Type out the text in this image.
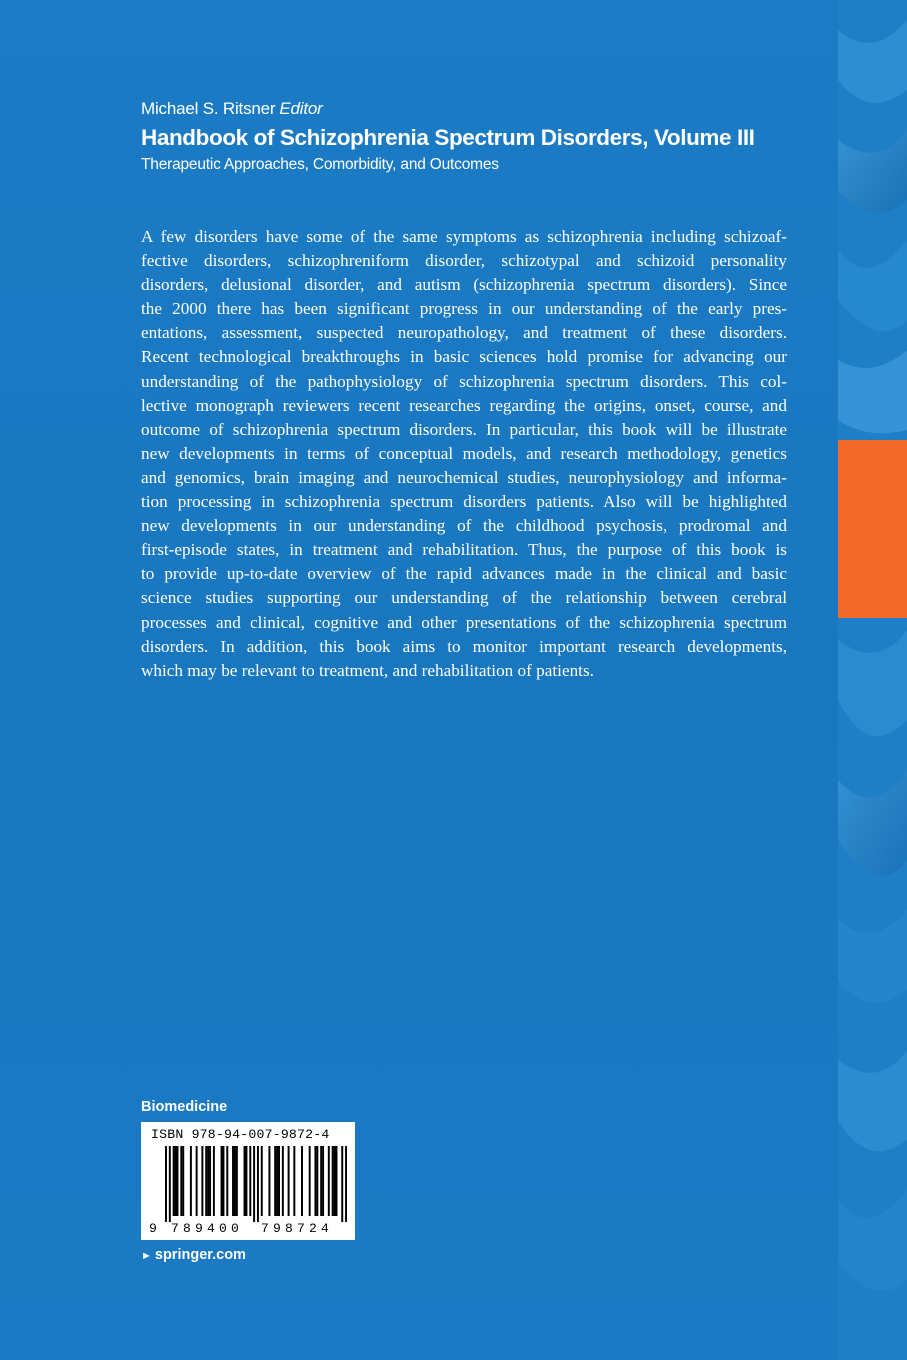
Michael S. Ritsner Editor
Handbook of Schizophrenia Spectrum Disorders, Volume III
Therapeutic Approaches, Comorbidity, and Outcomes
A few disorders have some of the same symptoms as schizophrenia including schizoaf-
fective disorders, schizophreniform disorder, schizotypal and schizoid personality
disorders, delusional disorder, and autism (schizophrenia spectrum disorders). Since
the 2000 there has been significant progress in our understanding of the early pres-
entations, assessment, suspected neuropathology, and treatment of these disorders.
Recent technological breakthroughs in basic sciences hold promise for advancing our
understanding of the pathophysiology of schizophrenia spectrum disorders. This col-
lective monograph reviewers recent researches regarding the origins, onset, course, and
outcome of schizophrenia spectrum disorders. In particular, this book will be illustrate
new developments in terms of conceptual models, and research methodology, genetics
and genomics, brain imaging and neurochemical studies, neurophysiology and informa-
tion processing in schizophrenia spectrum disorders patients. Also will be highlighted
new developments in our understanding of the childhood psychosis, prodromal and
first-episode states, in treatment and rehabilitation. Thus, the purpose of this book is
to provide up-to-date overview of the rapid advances made in the clinical and basic
science studies supporting our understanding of the relationship between cerebral
processes and clinical, cognitive and other presentations of the schizophrenia spectrum
disorders. In addition, this book aims to monitor important research developments,
which may be relevant to treatment, and rehabilitation of patients.
Biomedicine
ISBN 978-94-007-9872-4
9 789400 798724
► springer.com
